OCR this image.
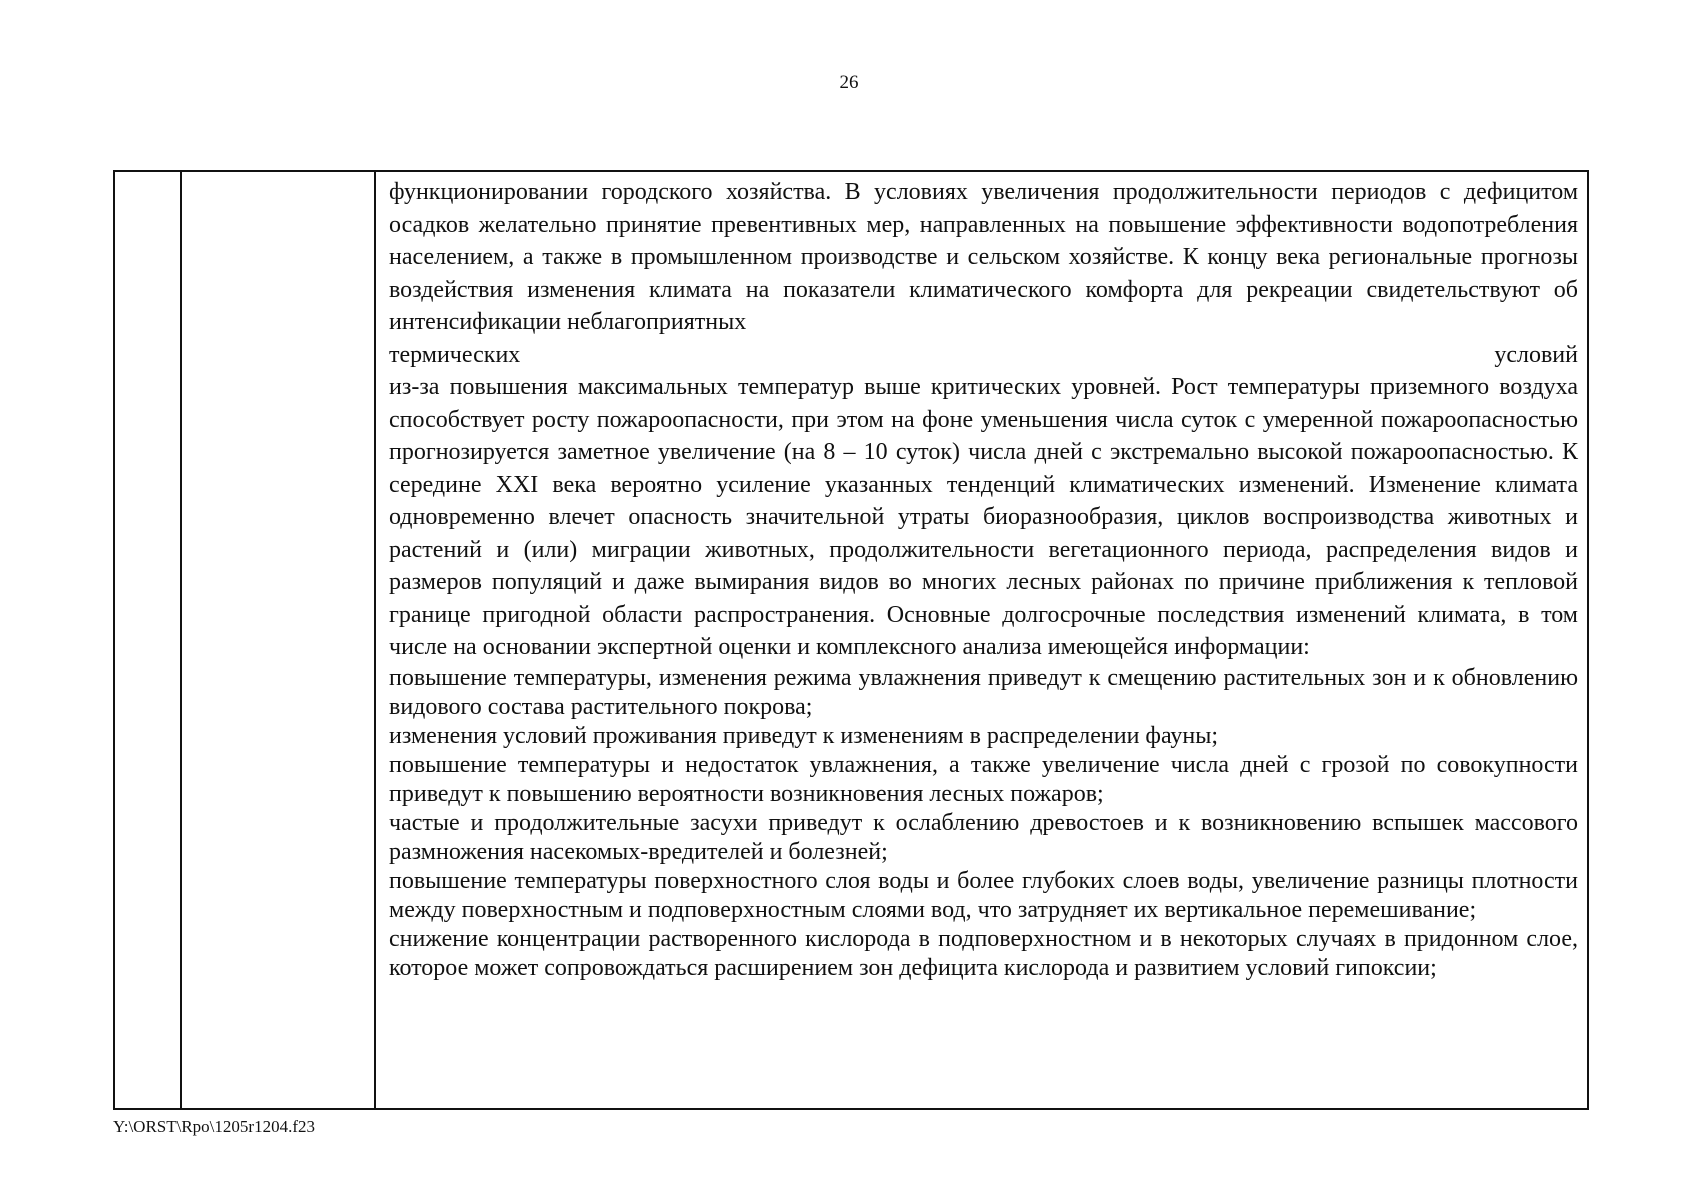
26

функционировании городского хозяйства. В условиях увеличения продолжительности периодов с дефицитом осадков желательно принятие превентивных мер, направленных на повышение эффективности водопотребления населением, а также в промышленном производстве и сельском хозяйстве. К концу века региональные прогнозы воздействия изменения климата на показатели климатического комфорта для рекреации свидетельствуют об интенсификации неблагоприятных

термических условий

из-за повышения максимальных температур выше критических уровней. Рост температуры приземного воздуха способствует росту пожароопасности, при этом на фоне уменьшения числа суток с умеренной пожароопасностью прогнозируется заметное увеличение (на 8 – 10 суток) числа дней с экстремально высокой пожароопасностью. К середине XXI века вероятно усиление указанных тенденций климатических изменений. Изменение климата одновременно влечет опасность значительной утраты биоразнообразия, циклов воспроизводства животных и растений и (или) миграции животных, продолжительности вегетационного периода, распределения видов и размеров популяций и даже вымирания видов во многих лесных районах по причине приближения к тепловой границе пригодной области распространения. Основные долгосрочные последствия изменений климата, в том числе на основании экспертной оценки и комплексного анализа имеющейся информации:

повышение температуры, изменения режима увлажнения приведут к смещению растительных зон и к обновлению видового состава растительного покрова;

изменения условий проживания приведут к изменениям в распределении фауны;

повышение температуры и недостаток увлажнения, а также увеличение числа дней с грозой по совокупности приведут к повышению вероятности возникновения лесных пожаров;

частые и продолжительные засухи приведут к ослаблению древостоев и к возникновению вспышек массового размножения насекомых-вредителей и болезней;

повышение температуры поверхностного слоя воды и более глубоких слоев воды, увеличение разницы плотности между поверхностным и подповерхностным слоями вод, что затрудняет их вертикальное перемешивание;

снижение концентрации растворенного кислорода в подповерхностном и в некоторых случаях в придонном слое, которое может сопровождаться расширением зон дефицита кислорода и развитием условий гипоксии;

Y:\ORST\Rpo\1205r1204.f23
